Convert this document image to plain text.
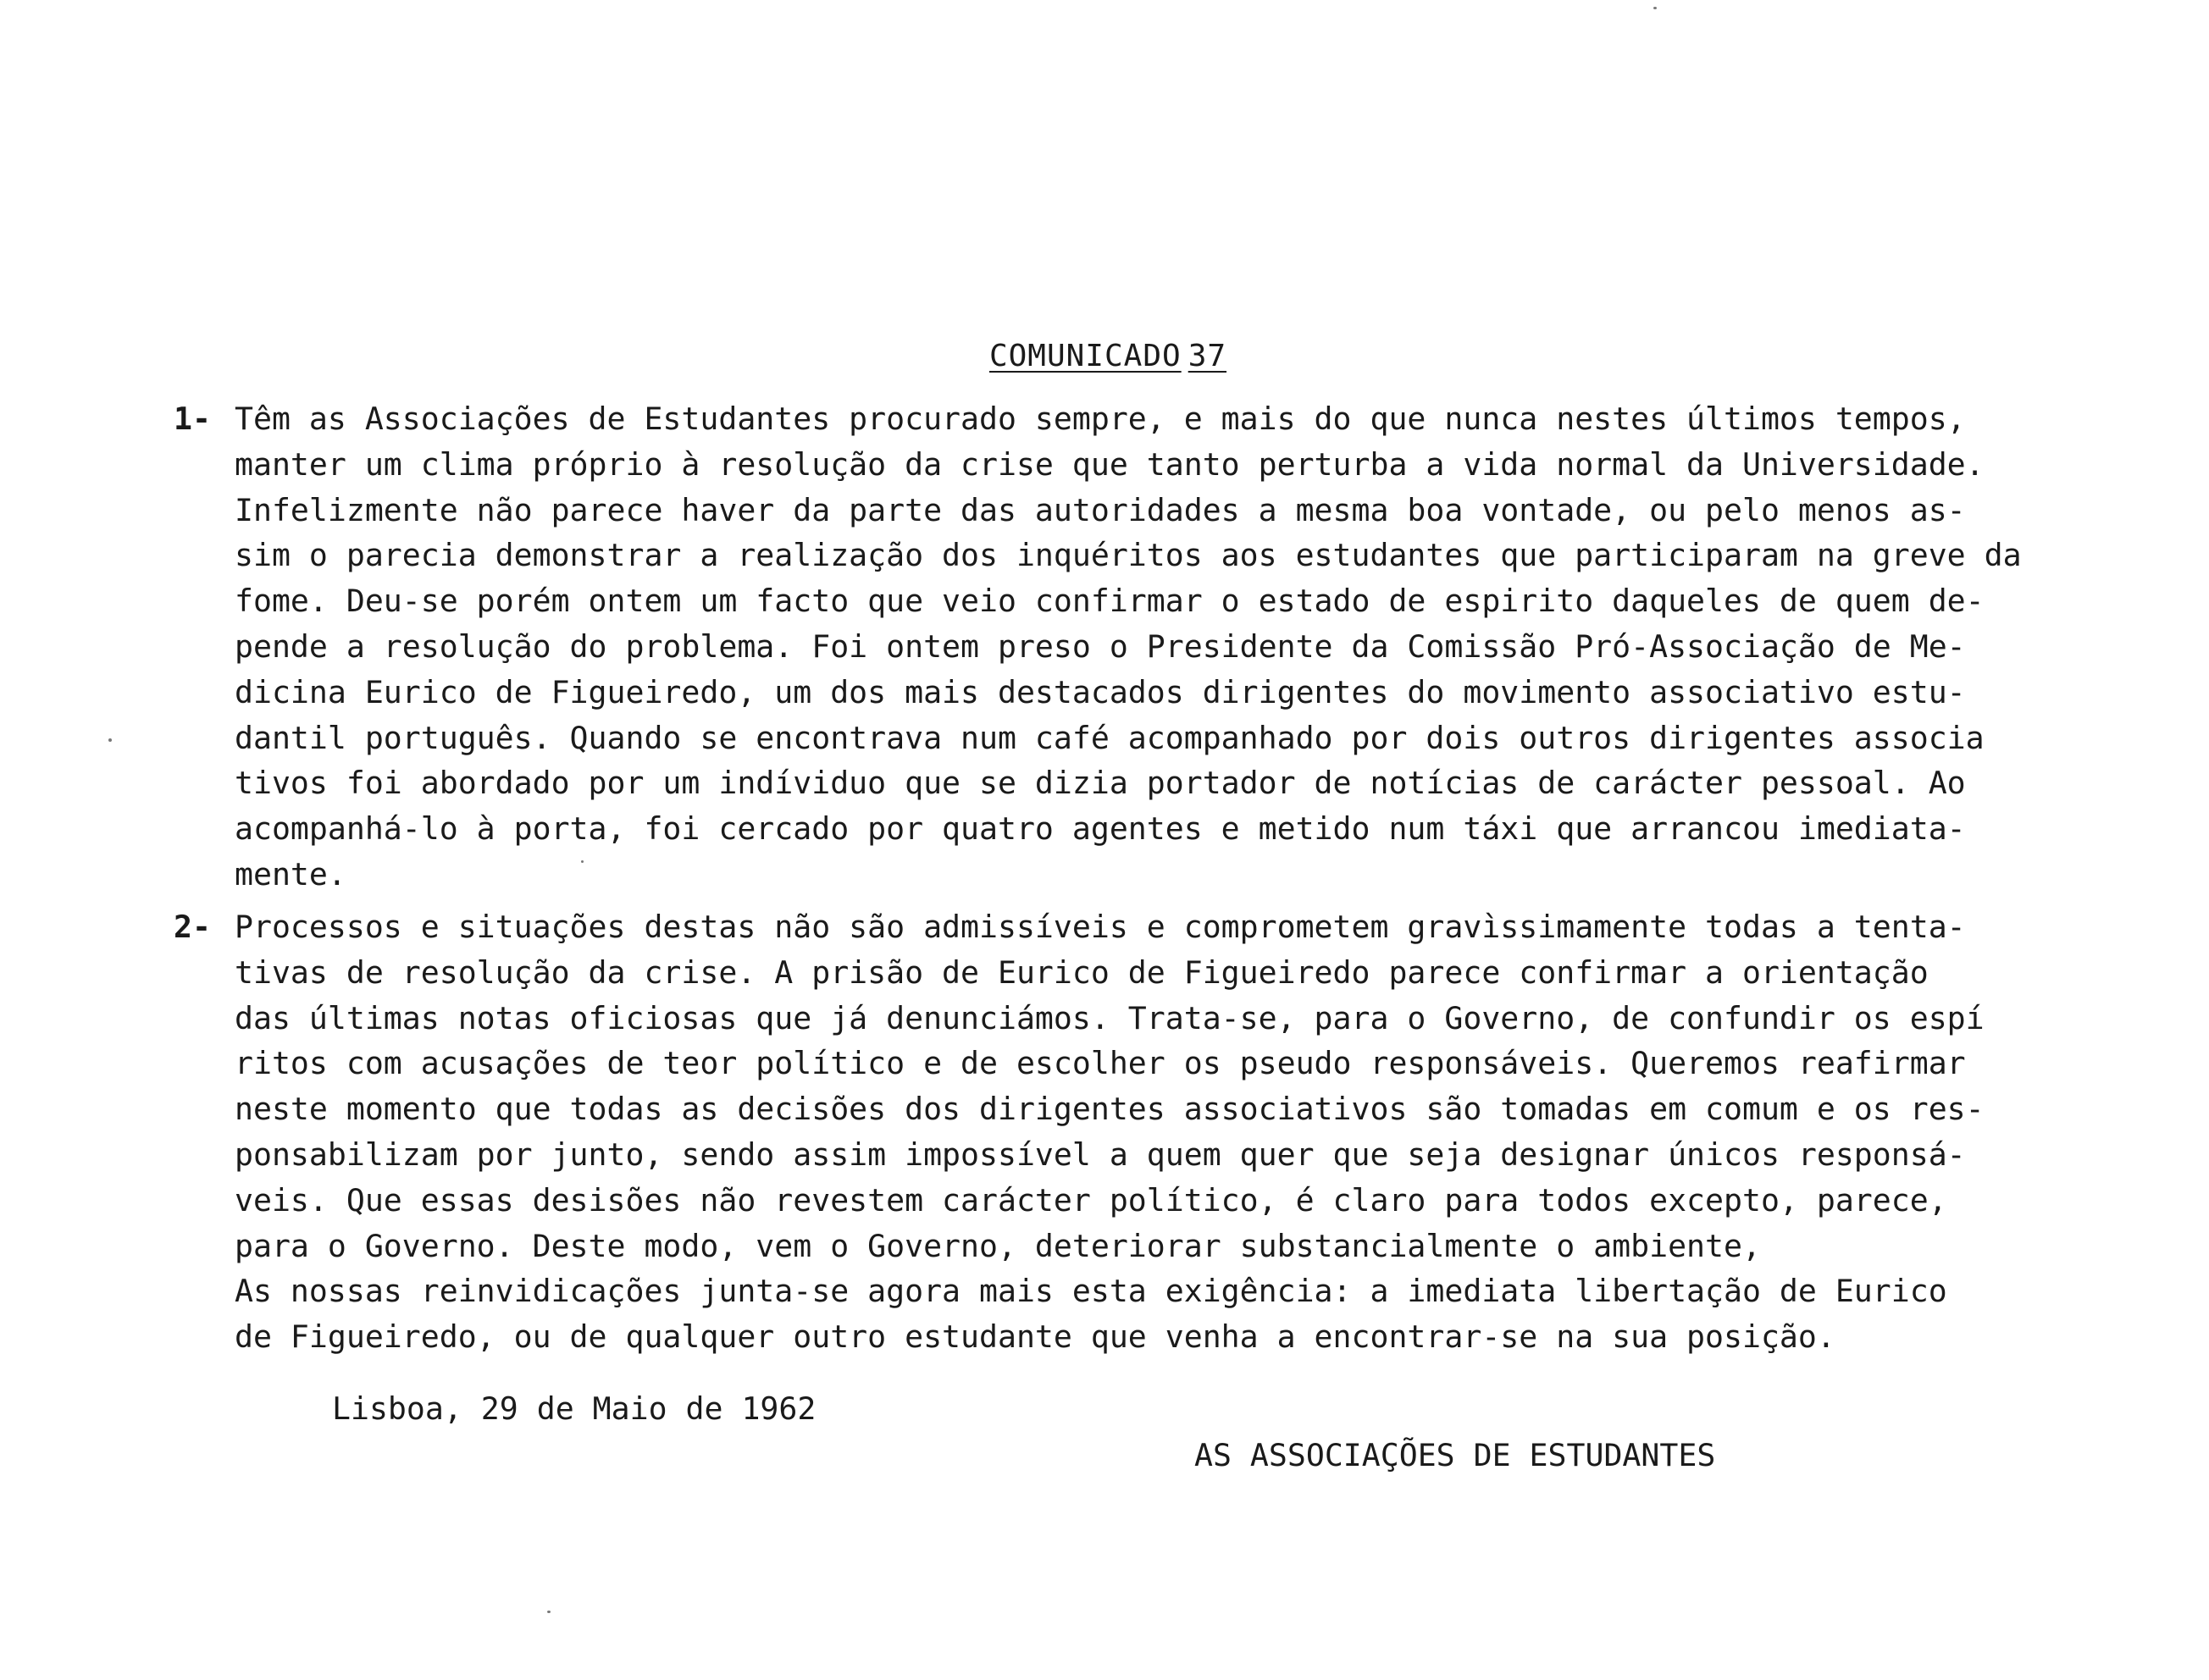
COMUNICADO 37
1- Têm as Associações de Estudantes procurado sempre, e mais do que nunca nestes últimos tempos,
manter um clima próprio à resolução da crise que tanto perturba a vida normal da Universidade.
Infelizmente não parece haver da parte das autoridades a mesma boa vontade, ou pelo menos as-
sim o parecia demonstrar a realização dos inquéritos aos estudantes que participaram na greve da
fome. Deu-se porém ontem um facto que veio confirmar o estado de espirito daqueles de quem de-
pende a resolução do problema. Foi ontem preso o Presidente da Comissão Pró-Associação de Me-
dicina Eurico de Figueiredo, um dos mais destacados dirigentes do movimento associativo estu-
dantil português. Quando se encontrava num café acompanhado por dois outros dirigentes associa
tivos foi abordado por um indíviduo que se dizia portador de notícias de carácter pessoal. Ao
acompanhá-lo à porta, foi cercado por quatro agentes e metido num táxi que arrancou imediata-
mente.
2- Processos e situações destas não são admissíveis e comprometem gravìssimamente todas a tenta-
tivas de resolução da crise. A prisão de Eurico de Figueiredo parece confirmar a orientação
das últimas notas oficiosas que já denunciámos. Trata-se, para o Governo, de confundir os espí
ritos com acusações de teor político e de escolher os pseudo responsáveis. Queremos reafirmar
neste momento que todas as decisões dos dirigentes associativos são tomadas em comum e os res-
ponsabilizam por junto, sendo assim impossível a quem quer que seja designar únicos responsá-
veis. Que essas desisões não revestem carácter político, é claro para todos excepto, parece,
para o Governo. Deste modo, vem o Governo, deteriorar substancialmente o ambiente,
As nossas reinvidicações junta-se agora mais esta exigência: a imediata libertação de Eurico
de Figueiredo, ou de qualquer outro estudante que venha a encontrar-se na sua posição.
Lisboa, 29 de Maio de 1962
AS ASSOCIAÇÕES DE ESTUDANTES
